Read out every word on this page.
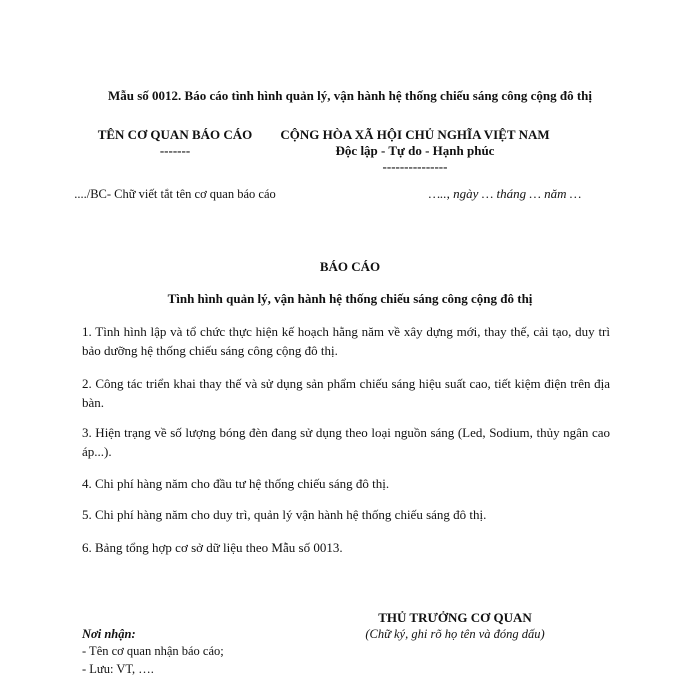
Mẫu số 0012. Báo cáo tình hình quản lý, vận hành hệ thống chiếu sáng công cộng đô thị
TÊN CƠ QUAN BÁO CÁO
-------
CỘNG HÒA XÃ HỘI CHỦ NGHĨA VIỆT NAM
Độc lập - Tự do - Hạnh phúc
---------------
..../BC- Chữ viết tắt tên cơ quan báo cáo	….., ngày … tháng … năm …
BÁO CÁO
Tình hình quản lý, vận hành hệ thống chiếu sáng công cộng đô thị
1. Tình hình lập và tổ chức thực hiện kế hoạch hằng năm về xây dựng mới, thay thế, cải tạo, duy trì bảo dưỡng hệ thống chiếu sáng công cộng đô thị.
2. Công tác triển khai thay thế và sử dụng sản phẩm chiếu sáng hiệu suất cao, tiết kiệm điện trên địa bàn.
3. Hiện trạng về số lượng bóng đèn đang sử dụng theo loại nguồn sáng (Led, Sodium, thủy ngân cao áp...).
4. Chi phí hàng năm cho đầu tư hệ thống chiếu sáng đô thị.
5. Chi phí hàng năm cho duy trì, quản lý vận hành hệ thống chiếu sáng đô thị.
6. Bảng tổng hợp cơ sở dữ liệu theo Mẫu số 0013.
THỦ TRƯỞNG CƠ QUAN
(Chữ ký, ghi rõ họ tên và đóng dấu)
Nơi nhận:
- Tên cơ quan nhận báo cáo;
- Lưu: VT, ….
